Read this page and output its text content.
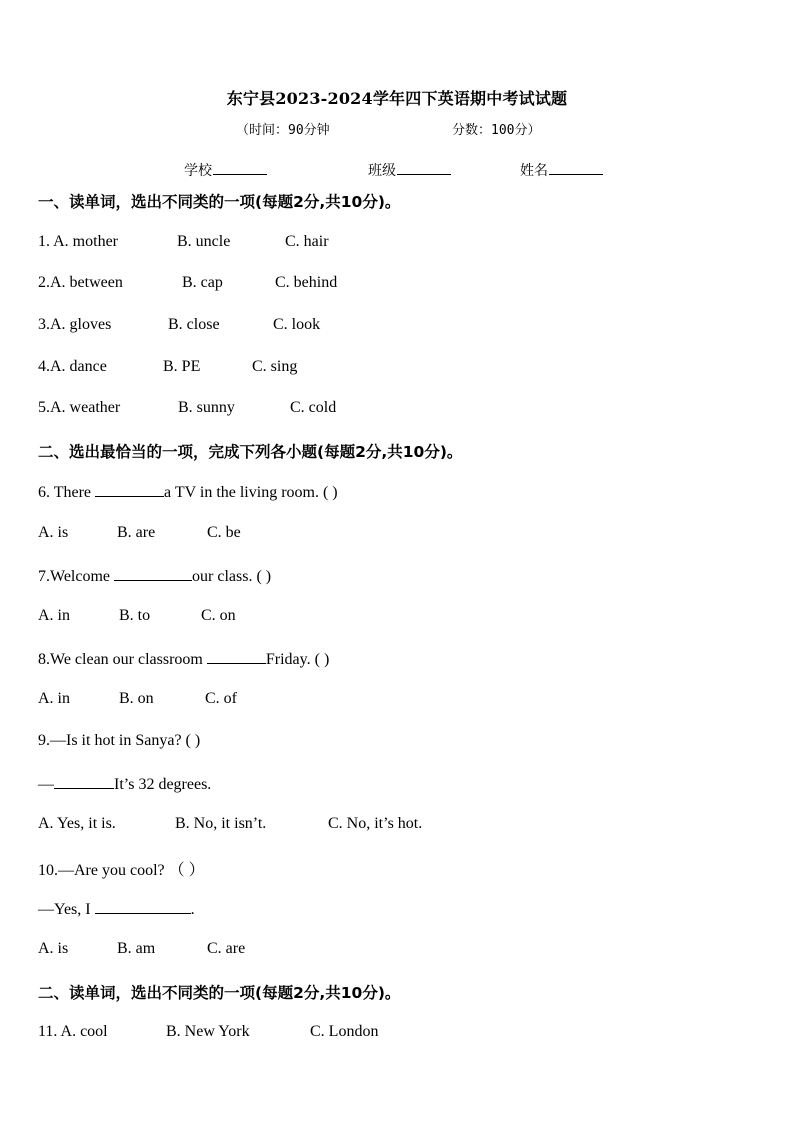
东宁县2023-2024学年四下英语期中考试试题
（时间：90分钟	分数：100分）
学校	班级	姓名
一、读单词，选出不同类的一项(每题2分,共10分)。
1. A. mother	B. uncle	C. hair
2.A. between	B. cap	C. behind
3.A. gloves	B. close	C. look
4.A. dance	B. PE	C. sing
5.A. weather	B. sunny	C. cold
二、选出最恰当的一项，完成下列各小题(每题2分,共10分)。
6. There	a TV in the living room. ( )
A. is	B. are	C. be
7.Welcome	our class. ( )
A. in	B. to	C. on
8.We clean our classroom	Friday. ( )
A. in	B. on	C. of
9.—Is it hot in Sanya? ( )
—	It’s 32 degrees.
A. Yes, it is.	B. No, it isn’t.	C. No, it’s hot.
10.—Are you cool? （ ）
—Yes, I	.
A. is	B. am	C. are
二、读单词，选出不同类的一项(每题2分,共10分)。
11. A. cool	B. New York	C. London
